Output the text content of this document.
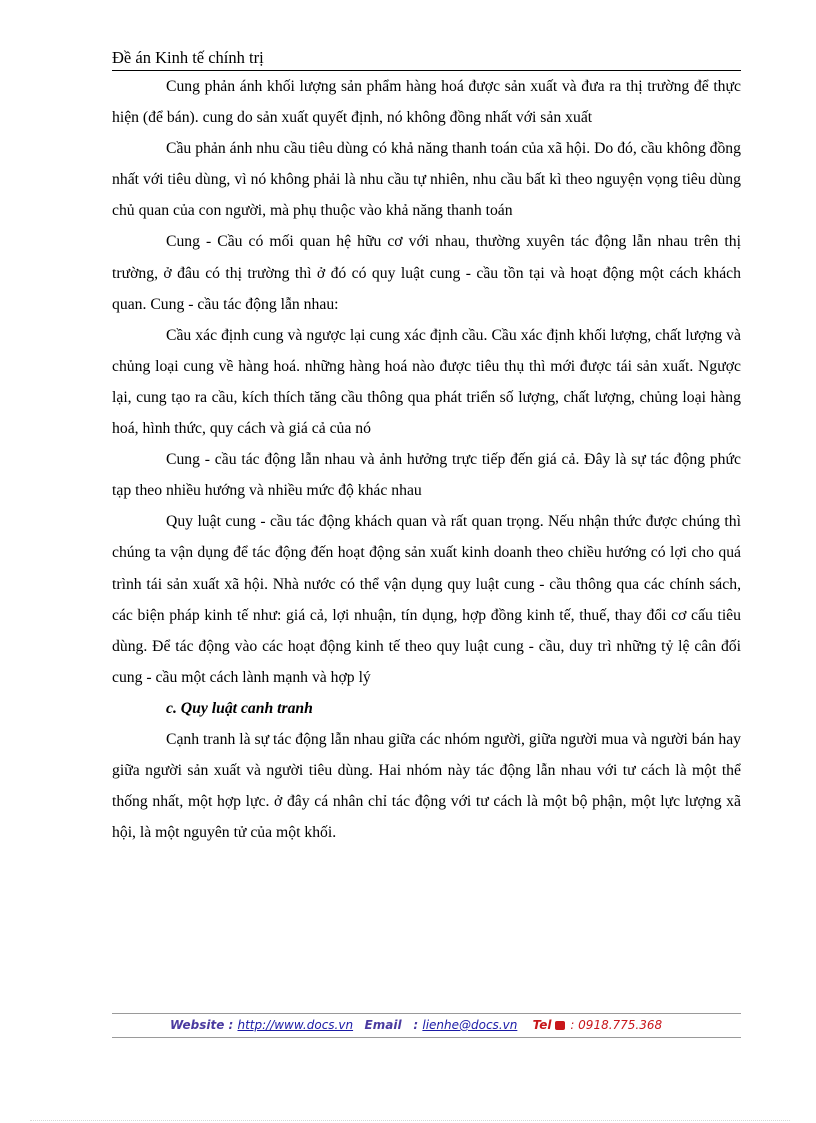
Đề án Kinh tế chính trị

Cung phản ánh khối lượng sản phẩm hàng hoá được sản xuất và đưa ra thị trường để thực hiện (để bán). cung do sản xuất quyết định, nó không đồng nhất với sản xuất

Cầu phản ánh nhu cầu tiêu dùng có khả năng thanh toán của xã hội. Do đó, cầu không đồng nhất với tiêu dùng, vì nó không phải là nhu cầu tự nhiên, nhu cầu bất kì theo nguyện vọng tiêu dùng chủ quan của con người, mà phụ thuộc vào khả năng thanh toán

Cung - Cầu có mối quan hệ hữu cơ với nhau, thường xuyên tác động lẫn nhau trên thị trường, ở đâu có thị trường thì ở đó có quy luật cung - cầu tồn tại và hoạt động một cách khách quan. Cung - cầu tác động lẫn nhau:

Cầu xác định cung và ngược lại cung xác định cầu. Cầu xác định khối lượng, chất lượng và chủng loại cung về hàng hoá. những hàng hoá nào được tiêu thụ thì mới được tái sản xuất. Ngược lại, cung tạo ra cầu, kích thích tăng cầu thông qua phát triển số lượng, chất lượng, chủng loại hàng hoá, hình thức, quy cách và giá cả của nó

Cung - cầu tác động lẫn nhau và ảnh hưởng trực tiếp đến giá cả. Đây là sự tác động phức tạp theo nhiều hướng và nhiều mức độ khác nhau

Quy luật cung - cầu tác động khách quan và rất quan trọng. Nếu nhận thức được chúng thì chúng ta vận dụng để tác động đến hoạt động sản xuất kinh doanh theo chiều hướng có lợi cho quá trình tái sản xuất xã hội. Nhà nước có thể vận dụng quy luật cung - cầu thông qua các chính sách, các biện pháp kinh tế như: giá cả, lợi nhuận, tín dụng, hợp đồng kinh tế, thuế, thay đổi cơ cấu tiêu dùng. Để tác động vào các hoạt động kinh tế theo quy luật cung - cầu, duy trì những tỷ lệ cân đối cung - cầu một cách lành mạnh và hợp lý

c. Quy luật canh tranh

Cạnh tranh là sự tác động lẫn nhau giữa các nhóm người, giữa người mua và người bán hay giữa người sản xuất và người tiêu dùng. Hai nhóm này tác động lẫn nhau với tư cách là một thể thống nhất, một hợp lực. ở đây cá nhân chỉ tác động với tư cách là một bộ phận, một lực lượng xã hội, là một nguyên tử của một khối.

Website : http://www.docs.vn Email   : lienhe@docs.vn Tel : 0918.775.368
